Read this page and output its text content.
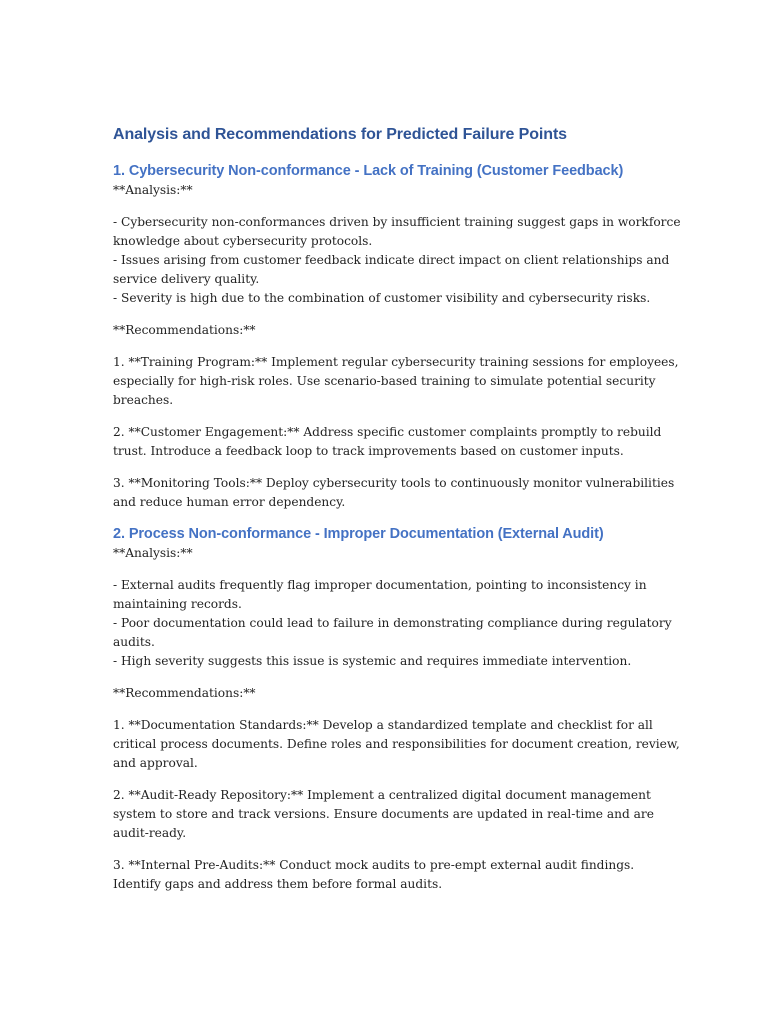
Analysis and Recommendations for Predicted Failure Points
1. Cybersecurity Non-conformance - Lack of Training (Customer Feedback)

**Analysis:**

- Cybersecurity non-conformances driven by insufficient training suggest gaps in workforce
knowledge about cybersecurity protocols.
- Issues arising from customer feedback indicate direct impact on client relationships and
service delivery quality.
- Severity is high due to the combination of customer visibility and cybersecurity risks.

**Recommendations:**

1. **Training Program:** Implement regular cybersecurity training sessions for employees,
especially for high-risk roles. Use scenario-based training to simulate potential security
breaches.

2. **Customer Engagement:** Address specific customer complaints promptly to rebuild
trust. Introduce a feedback loop to track improvements based on customer inputs.

3. **Monitoring Tools:** Deploy cybersecurity tools to continuously monitor vulnerabilities
and reduce human error dependency.

2. Process Non-conformance - Improper Documentation (External Audit)

**Analysis:**

- External audits frequently flag improper documentation, pointing to inconsistency in
maintaining records.
- Poor documentation could lead to failure in demonstrating compliance during regulatory
audits.
- High severity suggests this issue is systemic and requires immediate intervention.

**Recommendations:**

1. **Documentation Standards:** Develop a standardized template and checklist for all
critical process documents. Define roles and responsibilities for document creation, review,
and approval.

2. **Audit-Ready Repository:** Implement a centralized digital document management
system to store and track versions. Ensure documents are updated in real-time and are
audit-ready.

3. **Internal Pre-Audits:** Conduct mock audits to pre-empt external audit findings.
Identify gaps and address them before formal audits.
